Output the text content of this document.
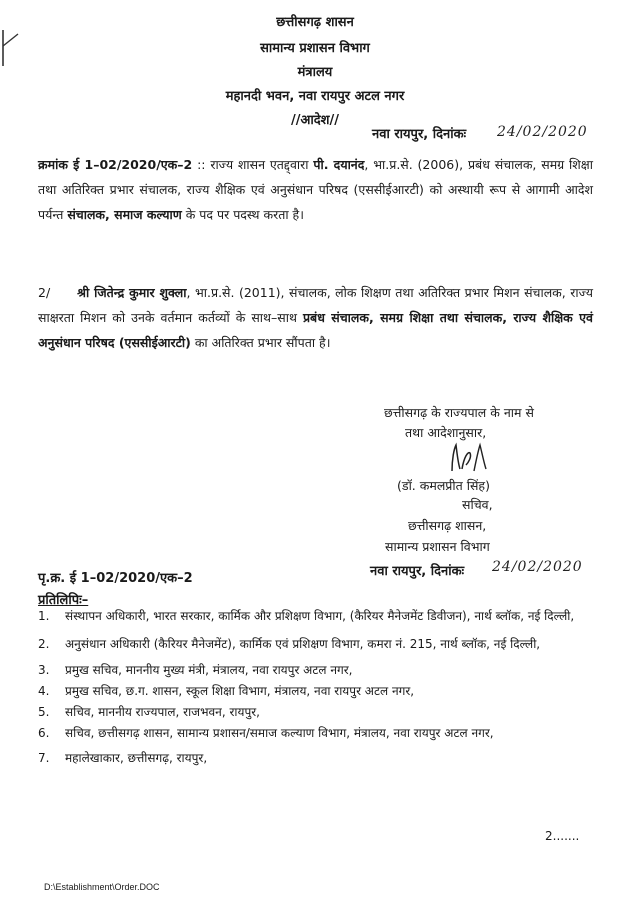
छत्तीसगढ़ शासन
सामान्य प्रशासन विभाग
मंत्रालय
महानदी भवन, नवा रायपुर अटल नगर
//आदेश//
नवा रायपुर, दिनांकः 24/02/2020
क्रमांक ई 1–02/2020/एक–2 :: राज्य शासन एतद्द्वारा पी. दयानंद, भा.प्र.से. (2006), प्रबंध संचालक, समग्र शिक्षा तथा अतिरिक्त प्रभार संचालक, राज्य शैक्षिक एवं अनुसंधान परिषद (एससीईआरटी) को अस्थायी रूप से आगामी आदेश पर्यन्त संचालक, समाज कल्याण के पद पर पदस्थ करता है।
2/ श्री जितेन्द्र कुमार शुक्ला, भा.प्र.से. (2011), संचालक, लोक शिक्षण तथा अतिरिक्त प्रभार मिशन संचालक, राज्य साक्षरता मिशन को उनके वर्तमान कर्तव्यों के साथ–साथ प्रबंध संचालक, समग्र शिक्षा तथा संचालक, राज्य शैक्षिक एवं अनुसंधान परिषद (एससीईआरटी) का अतिरिक्त प्रभार सौंपता है।
छत्तीसगढ़ के राज्यपाल के नाम से
तथा आदेशानुसार,
(डॉ. कमलप्रीत सिंह)
सचिव,
छत्तीसगढ़ शासन,
सामान्य प्रशासन विभाग
नवा रायपुर, दिनांकः 24/02/2020
पृ.क्र. ई 1–02/2020/एक–2
प्रतिलिपिः–
1. संस्थापन अधिकारी, भारत सरकार, कार्मिक और प्रशिक्षण विभाग, (कैरियर मैनेजमेंट डिवीजन), नार्थ ब्लॉक, नई दिल्ली,
2. अनुसंधान अधिकारी (कैरियर मैनेजमेंट), कार्मिक एवं प्रशिक्षण विभाग, कमरा नं. 215, नार्थ ब्लॉक, नई दिल्ली,
3. प्रमुख सचिव, माननीय मुख्य मंत्री, मंत्रालय, नवा रायपुर अटल नगर,
4. प्रमुख सचिव, छ.ग. शासन, स्कूल शिक्षा विभाग, मंत्रालय, नवा रायपुर अटल नगर,
5. सचिव, माननीय राज्यपाल, राजभवन, रायपुर,
6. सचिव, छत्तीसगढ़ शासन, सामान्य प्रशासन/समाज कल्याण विभाग, मंत्रालय, नवा रायपुर अटल नगर,
7. महालेखाकार, छत्तीसगढ़, रायपुर,
2.......
D:\Establishment\Order.DOC
